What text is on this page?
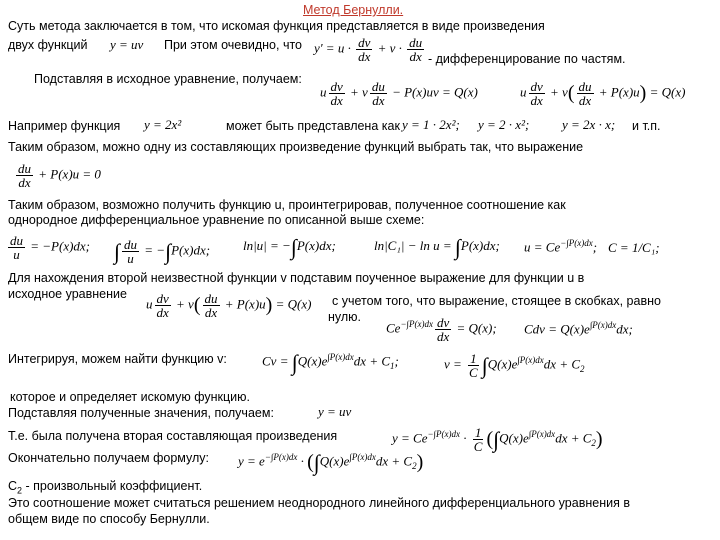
Метод Бернулли.
Суть метода заключается в том, что искомая функция представляется в виде произведения
двух функций y = uv При этом очевидно, что $y' = u \cdot \frac{dv}{dx} + v \cdot \frac{du}{dx}$ - дифференцирование по частям.
Подставляя в исходное уравнение, получаем:
u $\frac{dv}{dx} + v \frac{du}{dx} - P(x)uv = Q(x)$	u $\frac{dv}{dx} + v( \frac{du}{dx} + P(x)u) = Q(x)$
Например функция y = 2x²	может быть представлена как y = 1 · 2x²; y = 2 · x²;	y = 2x · x; и т.п.
Таким образом, можно одну из составляющих произведение функций выбрать так, что выражение
$\frac{du}{dx} + P(x)u = 0$
Таким образом, возможно получить функцию u, проинтегрировав, полученное соотношение как
однородное дифференциальное уравнение по описанной выше схеме:
$\frac{du}{u} = -P(x)dx$; ∫ $\frac{du}{u} = -\int P(x)dx$;	ln|u| = −∫P(x)dx;	ln|C₁| − ln u = ∫P(x)dx; $u = Ce^{-\int P(x)dx}$; C = 1/C₁;
Для нахождения второй неизвестной функции v подставим поученное выражение для функции u в
исходное уравнение
u $\frac{dv}{dx} + v( \frac{du}{dx} + P(x)u) = Q(x)$ с учетом того, что выражение, стоящее в скобках, равно
нулю.
$Ce^{-\int P(x)dx} \frac{dv}{dx} = Q(x)$; Cdv = $Q(x)e^{\int P(x)dx}dx$;
Интегрируя, можем найти функцию v:	$Cv = \int Q(x)e^{\int P(x)dx}dx + C_1$;	$v = \frac{1}{C} \int Q(x)e^{\int P(x)dx}dx + C_2$
которое и определяет искомую функцию.
Подставляя полученные значения, получаем:	y = uv
Т.е. была получена вторая составляющая произведения	$y = Ce^{-\int P(x)dx} \cdot \frac{1}{C} (\int Q(x)e^{\int P(x)dx}dx + C_2)$
Окончательно получаем формулу: $y = e^{-\int P(x)dx} \cdot (\int Q(x)e^{\int P(x)dx}dx + C_2)$
$C_2$ - произвольный коэффициент.
Это соотношение может считаться решением неоднородного линейного дифференциального уравнения в
общем виде по способу Бернулли.
